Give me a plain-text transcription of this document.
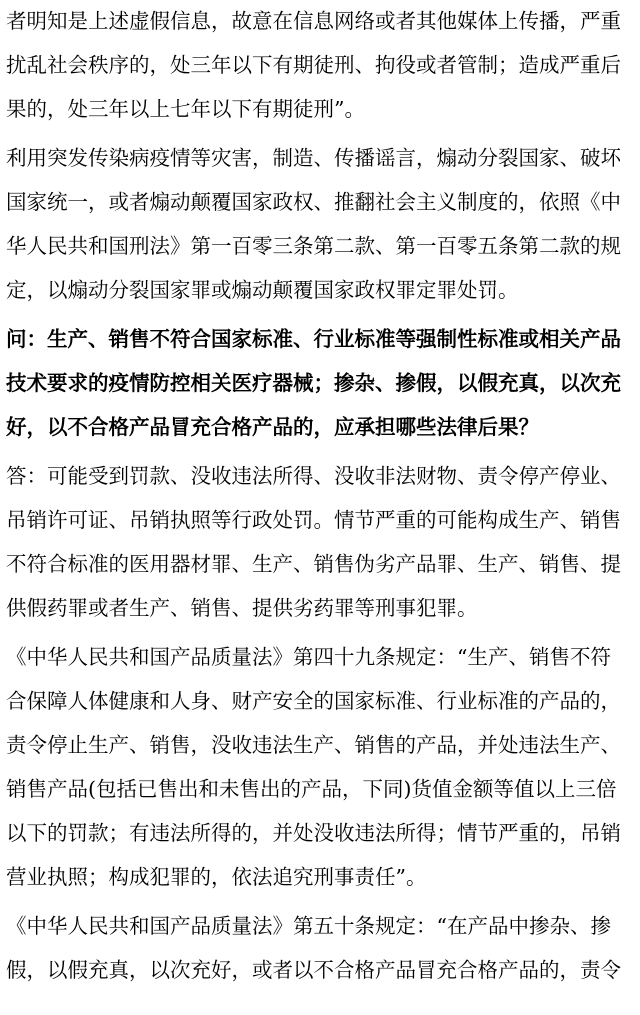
者明知是上述虚假信息，故意在信息网络或者其他媒体上传播，严重
扰乱社会秩序的，处三年以下有期徒刑、拘役或者管制；造成严重后
果的，处三年以上七年以下有期徒刑”。
利用突发传染病疫情等灾害，制造、传播谣言，煽动分裂国家、破坏
国家统一，或者煽动颠覆国家政权、推翻社会主义制度的，依照《中
华人民共和国刑法》第一百零三条第二款、第一百零五条第二款的规
定，以煽动分裂国家罪或煽动颠覆国家政权罪定罪处罚。
问：生产、销售不符合国家标准、行业标准等强制性标准或相关产品
技术要求的疫情防控相关医疗器械；掺杂、掺假，以假充真，以次充
好，以不合格产品冒充合格产品的，应承担哪些法律后果？
答：可能受到罚款、没收违法所得、没收非法财物、责令停产停业、
吊销许可证、吊销执照等行政处罚。情节严重的可能构成生产、销售
不符合标准的医用器材罪、生产、销售伪劣产品罪、生产、销售、提
供假药罪或者生产、销售、提供劣药罪等刑事犯罪。
《中华人民共和国产品质量法》第四十九条规定：“生产、销售不符
合保障人体健康和人身、财产安全的国家标准、行业标准的产品的，
责令停止生产、销售，没收违法生产、销售的产品，并处违法生产、
销售产品(包括已售出和未售出的产品，下同)货值金额等值以上三倍
以下的罚款；有违法所得的，并处没收违法所得；情节严重的，吊销
营业执照；构成犯罪的，依法追究刑事责任”。
《中华人民共和国产品质量法》第五十条规定：“在产品中掺杂、掺
假，以假充真，以次充好，或者以不合格产品冒充合格产品的，责令
